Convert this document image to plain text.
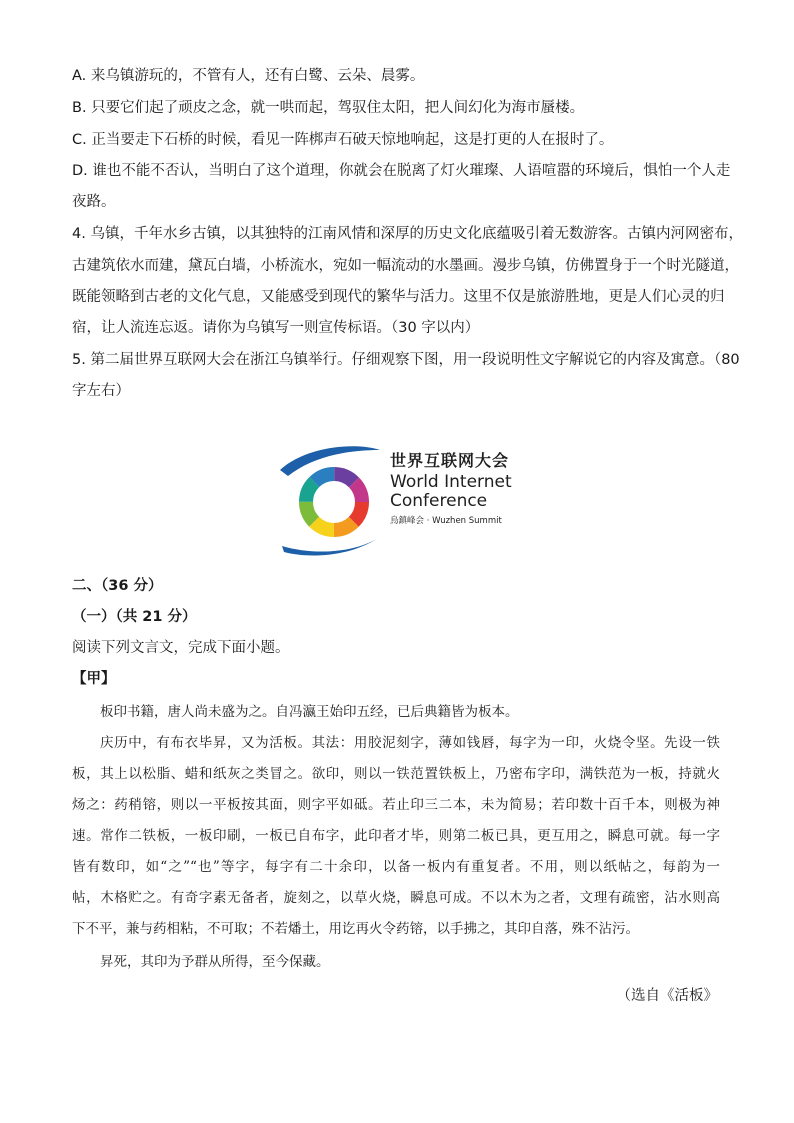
A. 来乌镇游玩的，不管有人，还有白鹭、云朵、晨雾。
B. 只要它们起了顽皮之念，就一哄而起，驾驭住太阳，把人间幻化为海市蜃楼。
C. 正当要走下石桥的时候，看见一阵梆声石破天惊地响起，这是打更的人在报时了。
D. 谁也不能不否认，当明白了这个道理，你就会在脱离了灯火璀璨、人语喧嚣的环境后，惧怕一个人走
夜路。
4. 乌镇，千年水乡古镇，以其独特的江南风情和深厚的历史文化底蕴吸引着无数游客。古镇内河网密布，
古建筑依水而建，黛瓦白墙，小桥流水，宛如一幅流动的水墨画。漫步乌镇，仿佛置身于一个时光隧道，
既能领略到古老的文化气息，又能感受到现代的繁华与活力。这里不仅是旅游胜地，更是人们心灵的归
宿，让人流连忘返。请你为乌镇写一则宣传标语。（30 字以内）
5. 第二届世界互联网大会在浙江乌镇举行。仔细观察下图，用一段说明性文字解说它的内容及寓意。（80
字左右）
世界互联网大会
World Internet
Conference
烏鎮峰会 · Wuzhen Summit
二、（36 分）
（一）（共 21 分）
阅读下列文言文，完成下面小题。
【甲】
板印书籍，唐人尚未盛为之。自冯瀛王始印五经，已后典籍皆为板本。
庆历中，有布衣毕昇，又为活板。其法：用胶泥刻字，薄如钱唇，每字为一印，火烧令坚。先设一铁
板，其上以松脂、蜡和纸灰之类冒之。欲印，则以一铁范置铁板上，乃密布字印，满铁范为一板，持就火
炀之：药稍镕，则以一平板按其面，则字平如砥。若止印三二本，未为简易；若印数十百千本，则极为神
速。常作二铁板，一板印刷，一板已自布字，此印者才毕，则第二板已具，更互用之，瞬息可就。每一字
皆有数印，如“之”“也”等字，每字有二十余印，以备一板内有重复者。不用，则以纸帖之，每韵为一
帖，木格贮之。有奇字素无备者，旋刻之，以草火烧，瞬息可成。不以木为之者，文理有疏密，沾水则高
下不平，兼与药相粘，不可取；不若燔土，用讫再火令药镕，以手拂之，其印自落，殊不沾污。
昇死，其印为予群从所得，至今保藏。
（选自《活板》
